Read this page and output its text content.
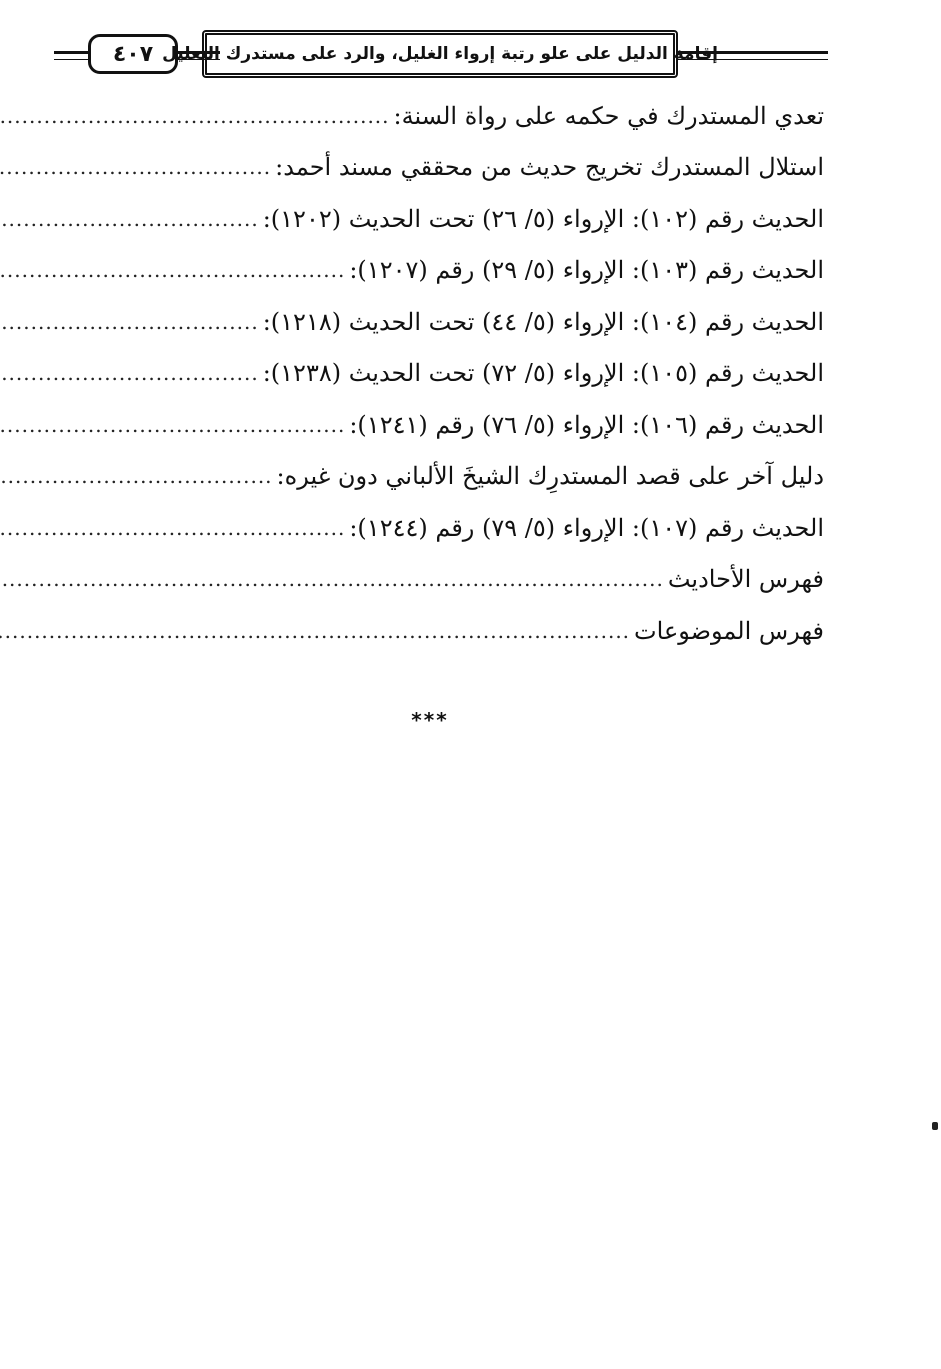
٤٠٧ إقامة الدليل على علو رتبة إرواء الغليل، والرد على مستدرك التعليل
تعدي المستدرك في حكمه على رواة السنة:
.....
استلال المستدرك تخريج حديث من محققي مسند أحمد:
.....
الحديث رقم (١٠٢): الإرواء (٥/ ٢٦) تحت الحديث (١٢٠٢):
.....
الحديث رقم (١٠٣): الإرواء (٥/ ٢٩) رقم (١٢٠٧):
.....
الحديث رقم (١٠٤): الإرواء (٥/ ٤٤) تحت الحديث (١٢١٨):
.....
الحديث رقم (١٠٥): الإرواء (٥/ ٧٢) تحت الحديث (١٢٣٨):
.....
الحديث رقم (١٠٦): الإرواء (٥/ ٧٦) رقم (١٢٤١):
.....
دليل آخر على قصد المستدرِك الشيخَ الألباني دون غيره:
.....
الحديث رقم (١٠٧): الإرواء (٥/ ٧٩) رقم (١٢٤٤):
.....
فهرس الأحاديث
.....
فهرس الموضوعات
.....
***
